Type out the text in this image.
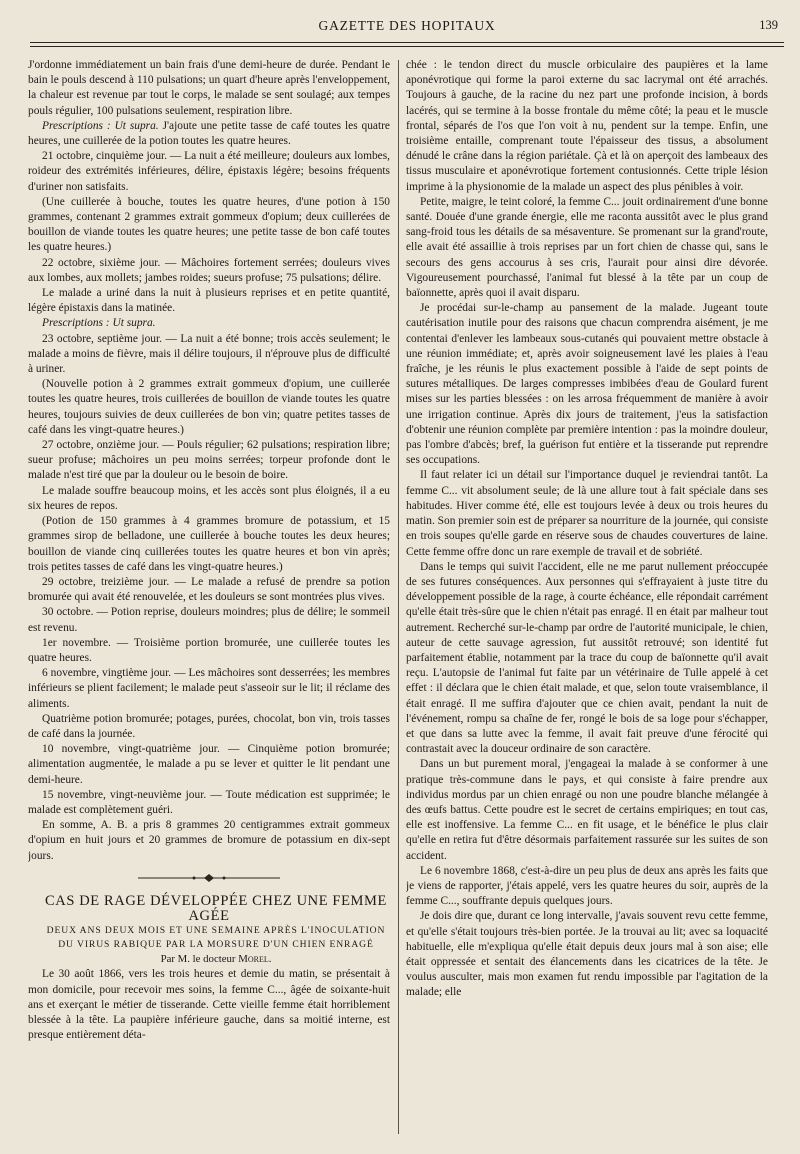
GAZETTE DES HOPITAUX	139

J'ordonne immédiatement un bain frais d'une demi-heure de durée. Pendant le bain le pouls descend à 110 pulsations; un quart d'heure après l'enveloppement, la chaleur est revenue par tout le corps, le malade se sent soulagé; aux tempes pouls régulier, 100 pulsations seulement, respiration libre.

Prescriptions : Ut supra. J'ajoute une petite tasse de café toutes les quatre heures, une cuillerée de la potion toutes les quatre heures.

21 octobre, cinquième jour. — La nuit a été meilleure; douleurs aux lombes, roideur des extrémités inférieures, délire, épistaxis légère; besoins fréquents d'uriner non satisfaits.

(Une cuillerée à bouche, toutes les quatre heures, d'une potion à 150 grammes, contenant 2 grammes extrait gommeux d'opium; deux cuillerées de bouillon de viande toutes les quatre heures; une petite tasse de bon café toutes les quatre heures.)

22 octobre, sixième jour. — Mâchoires fortement serrées; douleurs vives aux lombes, aux mollets; jambes roides; sueurs profuse; 75 pulsations; délire.

Le malade a uriné dans la nuit à plusieurs reprises et en petite quantité, légère épistaxis dans la matinée.

Prescriptions : Ut supra.

23 octobre, septième jour. — La nuit a été bonne; trois accès seulement; le malade a moins de fièvre, mais il délire toujours, il n'éprouve plus de difficulté à uriner.

(Nouvelle potion à 2 grammes extrait gommeux d'opium, une cuillerée toutes les quatre heures, trois cuillerées de bouillon de viande toutes les quatre heures, toujours suivies de deux cuillerées de bon vin; quatre petites tasses de café dans les vingt-quatre heures.)

27 octobre, onzième jour. — Pouls régulier; 62 pulsations; respiration libre; sueur profuse; mâchoires un peu moins serrées; torpeur profonde dont le malade n'est tiré que par la douleur ou le besoin de boire.

Le malade souffre beaucoup moins, et les accès sont plus éloignés, il a eu six heures de repos.

(Potion de 150 grammes à 4 grammes bromure de potassium, et 15 grammes sirop de belladone, une cuillerée à bouche toutes les deux heures; bouillon de viande cinq cuillerées toutes les quatre heures et bon vin après; trois petites tasses de café dans les vingt-quatre heures.)

29 octobre, treizième jour. — Le malade a refusé de prendre sa potion bromurée qui avait été renouvelée, et les douleurs se sont montrées plus vives.

30 octobre. — Potion reprise, douleurs moindres; plus de délire; le sommeil est revenu.

1er novembre. — Troisième portion bromurée, une cuillerée toutes les quatre heures.

6 novembre, vingtième jour. — Les mâchoires sont desserrées; les membres inférieurs se plient facilement; le malade peut s'asseoir sur le lit; il réclame des aliments.

Quatrième potion bromurée; potages, purées, chocolat, bon vin, trois tasses de café dans la journée.

10 novembre, vingt-quatrième jour. — Cinquième potion bromurée; alimentation augmentée, le malade a pu se lever et quitter le lit pendant une demi-heure.

15 novembre, vingt-neuvième jour. — Toute médication est supprimée; le malade est complètement guéri.

En somme, A. B. a pris 8 grammes 20 centigrammes extrait gommeux d'opium en huit jours et 20 grammes de bromure de potassium en dix-sept jours.

CAS DE RAGE DÉVELOPPÉE CHEZ UNE FEMME AGÉE

DEUX ANS DEUX MOIS ET UNE SEMAINE APRÈS L'INOCULATION

DU VIRUS RABIQUE PAR LA MORSURE D'UN CHIEN ENRAGÉ

Par M. le docteur Morel.

Le 30 août 1866, vers les trois heures et demie du matin, se présentait à mon domicile, pour recevoir mes soins, la femme C..., âgée de soixante-huit ans et exerçant le métier de tisserande. Cette vieille femme était horriblement blessée à la tête. La paupière inférieure gauche, dans sa moitié interne, est presque entièrement déta-

chée : le tendon direct du muscle orbiculaire des paupières et la lame aponévrotique qui forme la paroi externe du sac lacrymal ont été arrachés. Toujours à gauche, de la racine du nez part une profonde incision, à bords lacérés, qui se termine à la bosse frontale du même côté; la peau et le muscle frontal, séparés de l'os que l'on voit à nu, pendent sur la tempe. Enfin, une troisième entaille, comprenant toute l'épaisseur des tissus, a absolument dénudé le crâne dans la région pariétale. Çà et là on aperçoit des lambeaux des tissus musculaire et aponévrotique fortement contusionnés. Cette triple lésion imprime à la physionomie de la malade un aspect des plus pénibles à voir.

Petite, maigre, le teint coloré, la femme C... jouit ordinairement d'une bonne santé. Douée d'une grande énergie, elle me raconta aussitôt avec le plus grand sang-froid tous les détails de sa mésaventure. Se promenant sur la grand'route, elle avait été assaillie à trois reprises par un fort chien de chasse qui, sans le secours des gens accourus à ses cris, l'aurait pour ainsi dire dévorée. Vigoureusement pourchassé, l'animal fut blessé à la tête par un coup de baïonnette, après quoi il avait disparu.

Je procédai sur-le-champ au pansement de la malade. Jugeant toute cautérisation inutile pour des raisons que chacun comprendra aisément, je me contentai d'enlever les lambeaux sous-cutanés qui pouvaient mettre obstacle à une réunion immédiate; et, après avoir soigneusement lavé les plaies à l'eau fraîche, je les réunis le plus exactement possible à l'aide de sept points de sutures métalliques. De larges compresses imbibées d'eau de Goulard furent mises sur les parties blessées : on les arrosa fréquemment de manière à avoir une irrigation continue. Après dix jours de traitement, j'eus la satisfaction d'obtenir une réunion complète par première intention : pas la moindre douleur, pas l'ombre d'abcès; bref, la guérison fut entière et la tisserande put reprendre ses occupations.

Il faut relater ici un détail sur l'importance duquel je reviendrai tantôt. La femme C... vit absolument seule; de là une allure tout à fait spéciale dans ses habitudes. Hiver comme été, elle est toujours levée à deux ou trois heures du matin. Son premier soin est de préparer sa nourriture de la journée, qui consiste en trois soupes qu'elle garde en réserve sous de chaudes couvertures de laine. Cette femme offre donc un rare exemple de travail et de sobriété.

Dans le temps qui suivit l'accident, elle ne me parut nullement préoccupée de ses futures conséquences. Aux personnes qui s'effrayaient à juste titre du développement possible de la rage, à courte échéance, elle répondait carrément qu'elle était très-sûre que le chien n'était pas enragé. Il en était par malheur tout autrement. Recherché sur-le-champ par ordre de l'autorité municipale, le chien, auteur de cette sauvage agression, fut aussitôt retrouvé; son identité fut parfaitement établie, notamment par la trace du coup de baïonnette qu'il avait reçu. L'autopsie de l'animal fut faite par un vétérinaire de Tulle appelé à cet effet : il déclara que le chien était malade, et que, selon toute vraisemblance, il était enragé. Il me suffira d'ajouter que ce chien avait, pendant la nuit de l'événement, rompu sa chaîne de fer, rongé le bois de sa loge pour s'échapper, et que dans sa lutte avec la femme, il avait fait preuve d'une férocité qui contrastait avec la douceur ordinaire de son caractère.

Dans un but purement moral, j'engageai la malade à se conformer à une pratique très-commune dans le pays, et qui consiste à faire prendre aux individus mordus par un chien enragé ou non une poudre blanche mélangée à des œufs battus. Cette poudre est le secret de certains empiriques; en tout cas, elle est inoffensive. La femme C... en fit usage, et le bénéfice le plus clair qu'elle en retira fut d'être désormais parfaitement rassurée sur les suites de son accident.

Le 6 novembre 1868, c'est-à-dire un peu plus de deux ans après les faits que je viens de rapporter, j'étais appelé, vers les quatre heures du soir, auprès de la femme C..., souffrante depuis quelques jours.

Je dois dire que, durant ce long intervalle, j'avais souvent revu cette femme, et qu'elle s'était toujours très-bien portée. Je la trouvai au lit; avec sa loquacité habituelle, elle m'expliqua qu'elle était depuis deux jours mal à son aise; elle était oppressée et sentait des élancements dans les cicatrices de la tête. Je voulus ausculter, mais mon examen fut rendu impossible par l'agitation de la malade; elle
